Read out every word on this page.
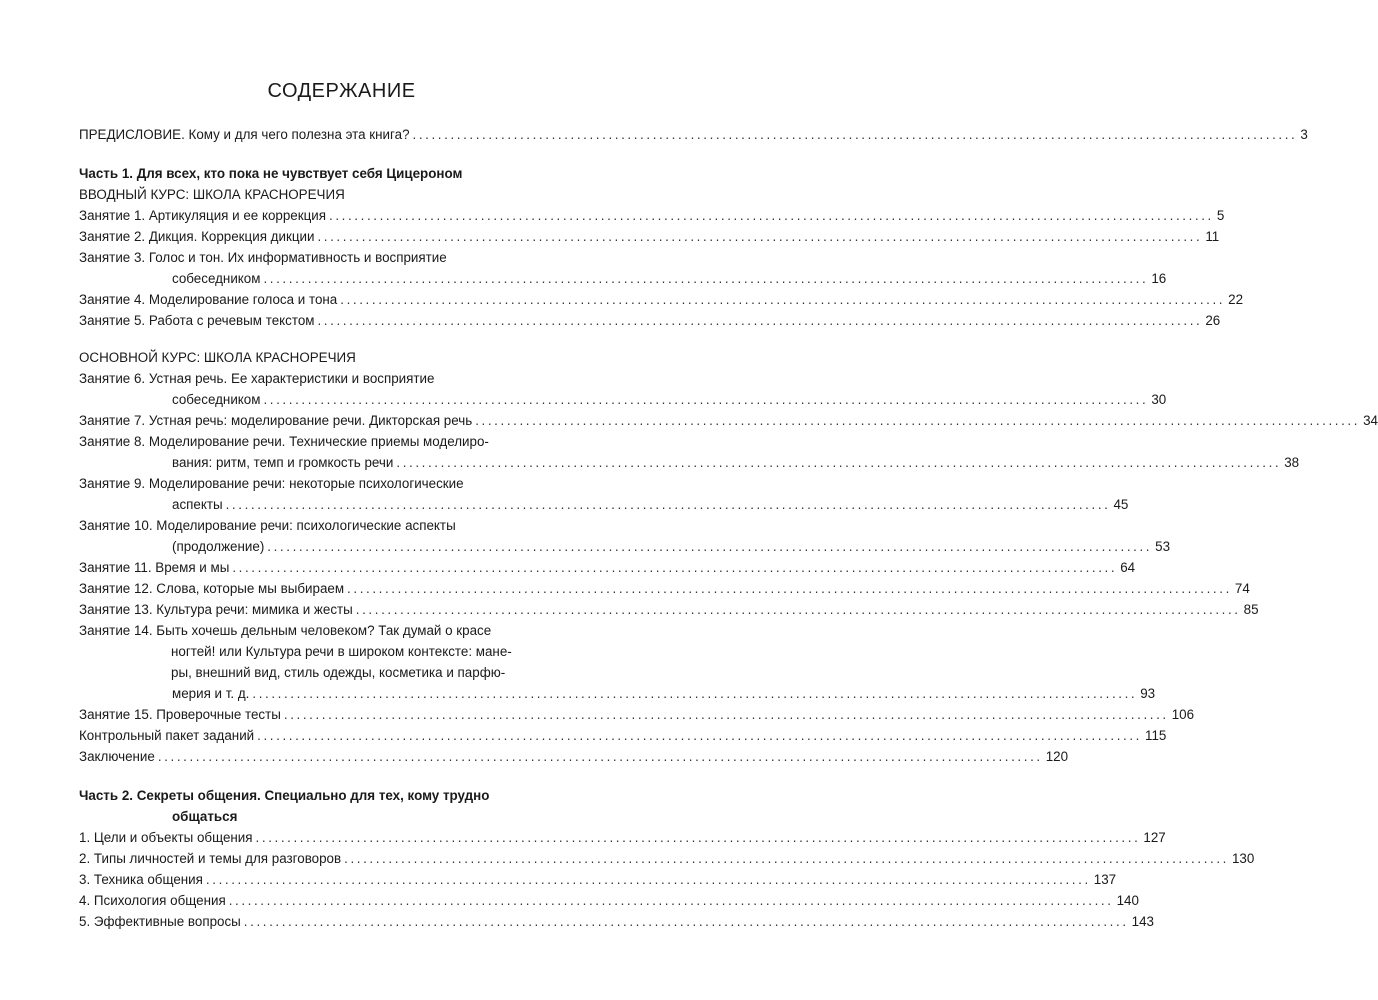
СОДЕРЖАНИЕ
ПРЕДИСЛОВИЕ. Кому и для чего полезна эта книга? ............................................................................................................................................ 3
Часть 1. Для всех, кто пока не чувствует себя Цицероном
ВВОДНЫЙ КУРС: ШКОЛА КРАСНОРЕЧИЯ
Занятие 1. Артикуляция и ее коррекция ............................................................................................................................................ 5
Занятие 2. Дикция. Коррекция дикции ............................................................................................................................................ 11
Занятие 3. Голос и тон. Их информативность и восприятие
собеседником ............................................................................................................................................ 16
Занятие 4. Моделирование голоса и тона ............................................................................................................................................ 22
Занятие 5. Работа с речевым текстом ............................................................................................................................................ 26
ОСНОВНОЙ КУРС: ШКОЛА КРАСНОРЕЧИЯ
Занятие 6. Устная речь. Ее характеристики и восприятие
собеседником ............................................................................................................................................ 30
Занятие 7. Устная речь: моделирование речи. Дикторская речь ............................................................................................................................................ 34
Занятие 8. Моделирование речи. Технические приемы моделиро-
вания: ритм, темп и громкость речи ............................................................................................................................................ 38
Занятие 9. Моделирование речи: некоторые психологические
аспекты ............................................................................................................................................ 45
Занятие 10. Моделирование речи: психологические аспекты
(продолжение) ............................................................................................................................................ 53
Занятие 11. Время и мы ............................................................................................................................................ 64
Занятие 12. Слова, которые мы выбираем ............................................................................................................................................ 74
Занятие 13. Культура речи: мимика и жесты ............................................................................................................................................ 85
Занятие 14. Быть хочешь дельным человеком? Так думай о красе
ногтей! или Культура речи в широком контексте: мане-
ры, внешний вид, стиль одежды, косметика и парфю-
мерия и т. д. ............................................................................................................................................ 93
Занятие 15. Проверочные тесты ............................................................................................................................................ 106
Контрольный пакет заданий ............................................................................................................................................ 115
Заключение ............................................................................................................................................ 120
Часть 2. Секреты общения. Специально для тех, кому трудно
общаться
1. Цели и объекты общения ............................................................................................................................................ 127
2. Типы личностей и темы для разговоров ............................................................................................................................................ 130
3. Техника общения ............................................................................................................................................ 137
4. Психология общения ............................................................................................................................................ 140
5. Эффективные вопросы ............................................................................................................................................ 143
